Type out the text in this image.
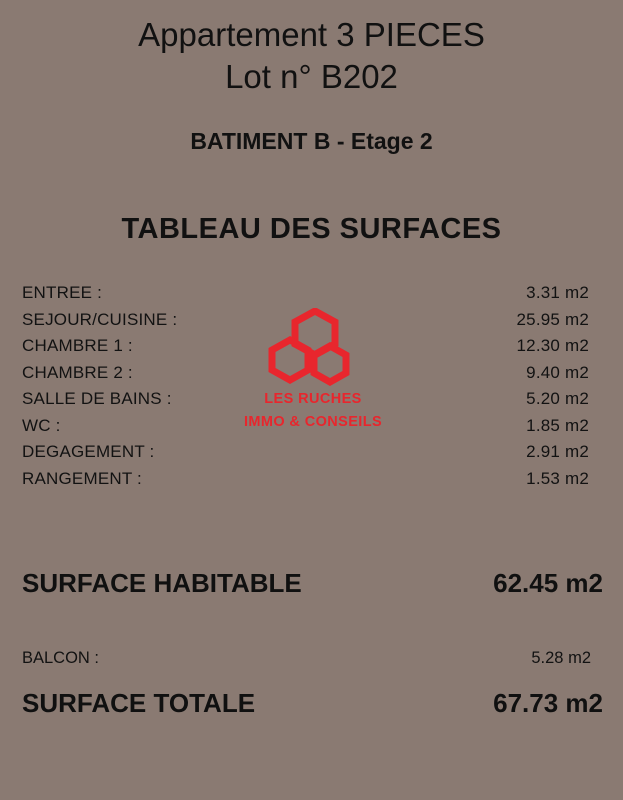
Appartement 3 PIECES
Lot n° B202
BATIMENT B - Etage 2
TABLEAU DES SURFACES
ENTREE :	3.31 m2
SEJOUR/CUISINE :	25.95 m2
CHAMBRE 1 :	12.30 m2
CHAMBRE 2 :	9.40 m2
SALLE DE BAINS :	5.20 m2
WC :	1.85 m2
DEGAGEMENT :	2.91 m2
RANGEMENT :	1.53 m2
LES RUCHES
IMMO & CONSEILS
SURFACE HABITABLE	62.45 m2
BALCON :	5.28 m2
SURFACE TOTALE	67.73 m2
